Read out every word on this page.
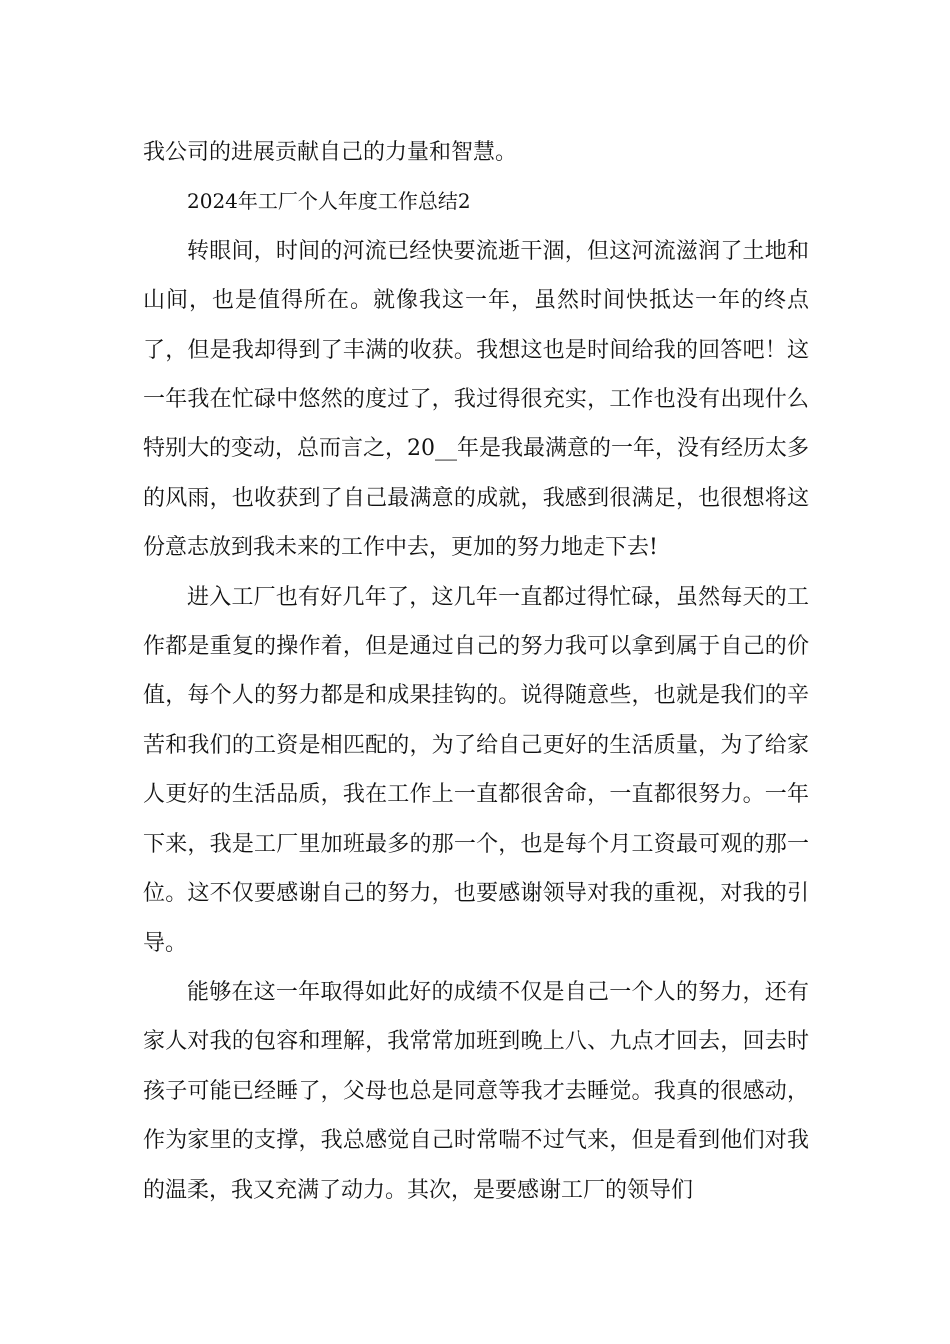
我公司的进展贡献自己的力量和智慧。

2024年工厂个人年度工作总结2

转眼间，时间的河流已经快要流逝干涸，但这河流滋润了土地和山间，也是值得所在。就像我这一年，虽然时间快抵达一年的终点了，但是我却得到了丰满的收获。我想这也是时间给我的回答吧！这一年我在忙碌中悠然的度过了，我过得很充实，工作也没有出现什么特别大的变动，总而言之，20__年是我最满意的一年，没有经历太多的风雨，也收获到了自己最满意的成就，我感到很满足，也很想将这份意志放到我未来的工作中去，更加的努力地走下去!

进入工厂也有好几年了，这几年一直都过得忙碌，虽然每天的工作都是重复的操作着，但是通过自己的努力我可以拿到属于自己的价值，每个人的努力都是和成果挂钩的。说得随意些，也就是我们的辛苦和我们的工资是相匹配的，为了给自己更好的生活质量，为了给家人更好的生活品质，我在工作上一直都很舍命，一直都很努力。一年下来，我是工厂里加班最多的那一个，也是每个月工资最可观的那一位。这不仅要感谢自己的努力，也要感谢领导对我的重视，对我的引导。

能够在这一年取得如此好的成绩不仅是自己一个人的努力，还有家人对我的包容和理解，我常常加班到晚上八、九点才回去，回去时孩子可能已经睡了，父母也总是同意等我才去睡觉。我真的很感动，作为家里的支撑，我总感觉自己时常喘不过气来，但是看到他们对我的温柔，我又充满了动力。其次，是要感谢工厂的领导们
